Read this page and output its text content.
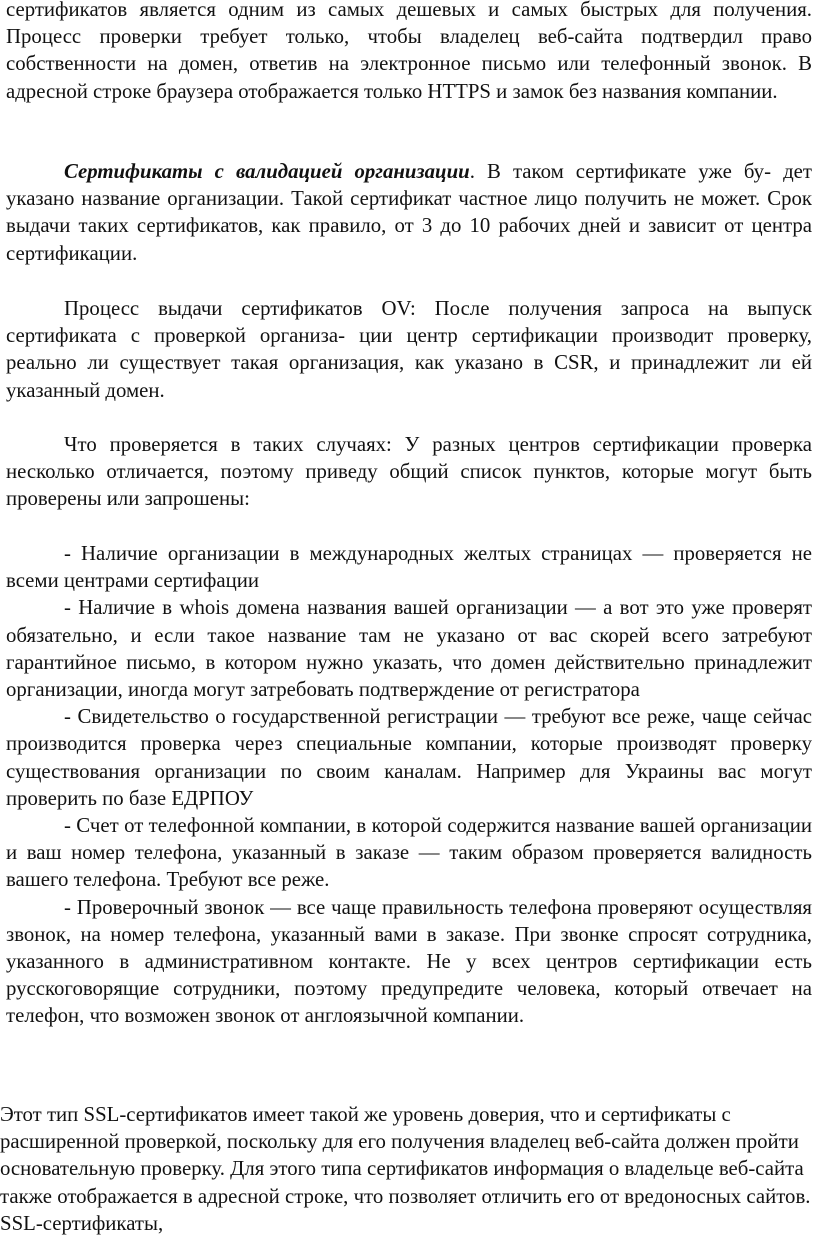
сертификатов является одним из самых дешевых и самых быстрых для получения. Процесс проверки требует только, чтобы владелец веб-сайта подтвердил право собственности на домен, ответив на электронное письмо или телефонный звонок. В адресной строке браузера отображается только HTTPS и замок без названия компании.

Сертификаты с валидацией организации. В таком сертификате уже бу- дет указано название организации. Такой сертификат частное лицо получить не может. Срок выдачи таких сертификатов, как правило, от 3 до 10 рабочих дней и зависит от центра сертификации.

Процесс выдачи сертификатов OV: После получения запроса на выпуск сертификата с проверкой организа- ции центр сертификации производит проверку, реально ли существует такая организация, как указано в CSR, и принадлежит ли ей указанный домен.

Что проверяется в таких случаях: У разных центров сертификации проверка несколько отличается, поэтому приведу общий список пунктов, которые могут быть проверены или запрошены:

- Наличие организации в международных желтых страницах — проверяется не всеми центрами сертифации

- Наличие в whois домена названия вашей организации — а вот это уже проверят обязательно, и если такое название там не указано от вас скорей всего затребуют гарантийное письмо, в котором нужно указать, что домен действительно принадлежит организации, иногда могут затребовать подтверждение от регистратора

- Свидетельство о государственной регистрации — требуют все реже, чаще сейчас производится проверка через специальные компании, которые производят проверку существования организации по своим каналам. Например для Украины вас могут проверить по базе ЕДРПОУ

- Счет от телефонной компании, в которой содержится название вашей организации и ваш номер телефона, указанный в заказе — таким образом проверяется валидность вашего телефона. Требуют все реже.

- Проверочный звонок — все чаще правильность телефона проверяют осуществляя звонок, на номер телефона, указанный вами в заказе. При звонке спросят сотрудника, указанного в административном контакте. Не у всех центров сертификации есть русскоговорящие сотрудники, поэтому предупредите человека, который отвечает на телефон, что возможен звонок от англоязычной компании.

Этот тип SSL-сертификатов имеет такой же уровень доверия, что и сертификаты с расширенной проверкой, поскольку для его получения владелец веб-сайта должен пройти основательную проверку. Для этого типа сертификатов информация о владельце веб-сайта также отображается в адресной строке, что позволяет отличить его от вредоносных сайтов. SSL-сертификаты,
